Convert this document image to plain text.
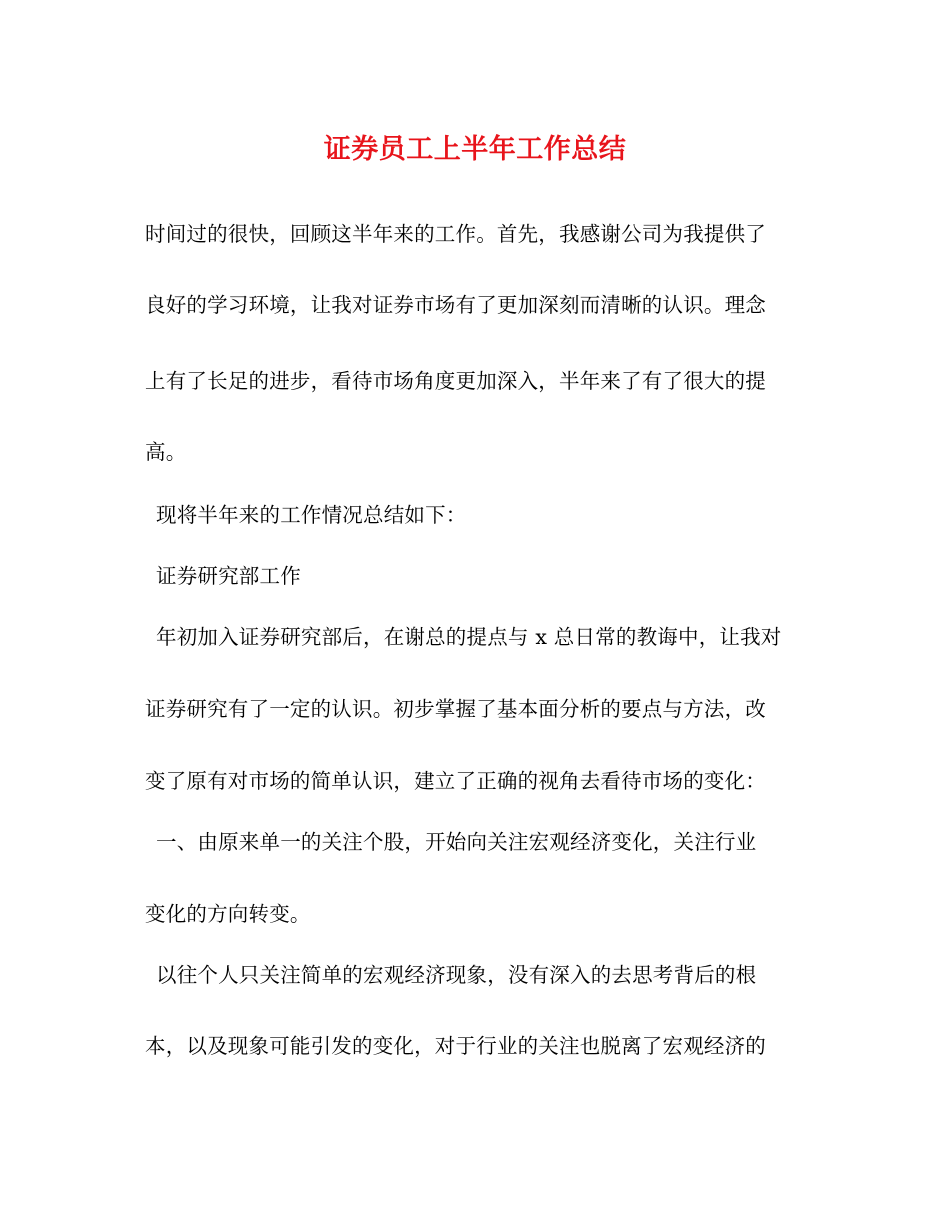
证券员工上半年工作总结
时间过的很快，回顾这半年来的工作。首先，我感谢公司为我提供了
良好的学习环境，让我对证券市场有了更加深刻而清晰的认识。理念
上有了长足的进步，看待市场角度更加深入，半年来了有了很大的提
高。
现将半年来的工作情况总结如下：
证券研究部工作
年初加入证券研究部后，在谢总的提点与 x 总日常的教诲中，让我对
证券研究有了一定的认识。初步掌握了基本面分析的要点与方法，改
变了原有对市场的简单认识，建立了正确的视角去看待市场的变化：
一、由原来单一的关注个股，开始向关注宏观经济变化，关注行业
变化的方向转变。
以往个人只关注简单的宏观经济现象，没有深入的去思考背后的根
本，以及现象可能引发的变化，对于行业的关注也脱离了宏观经济的
